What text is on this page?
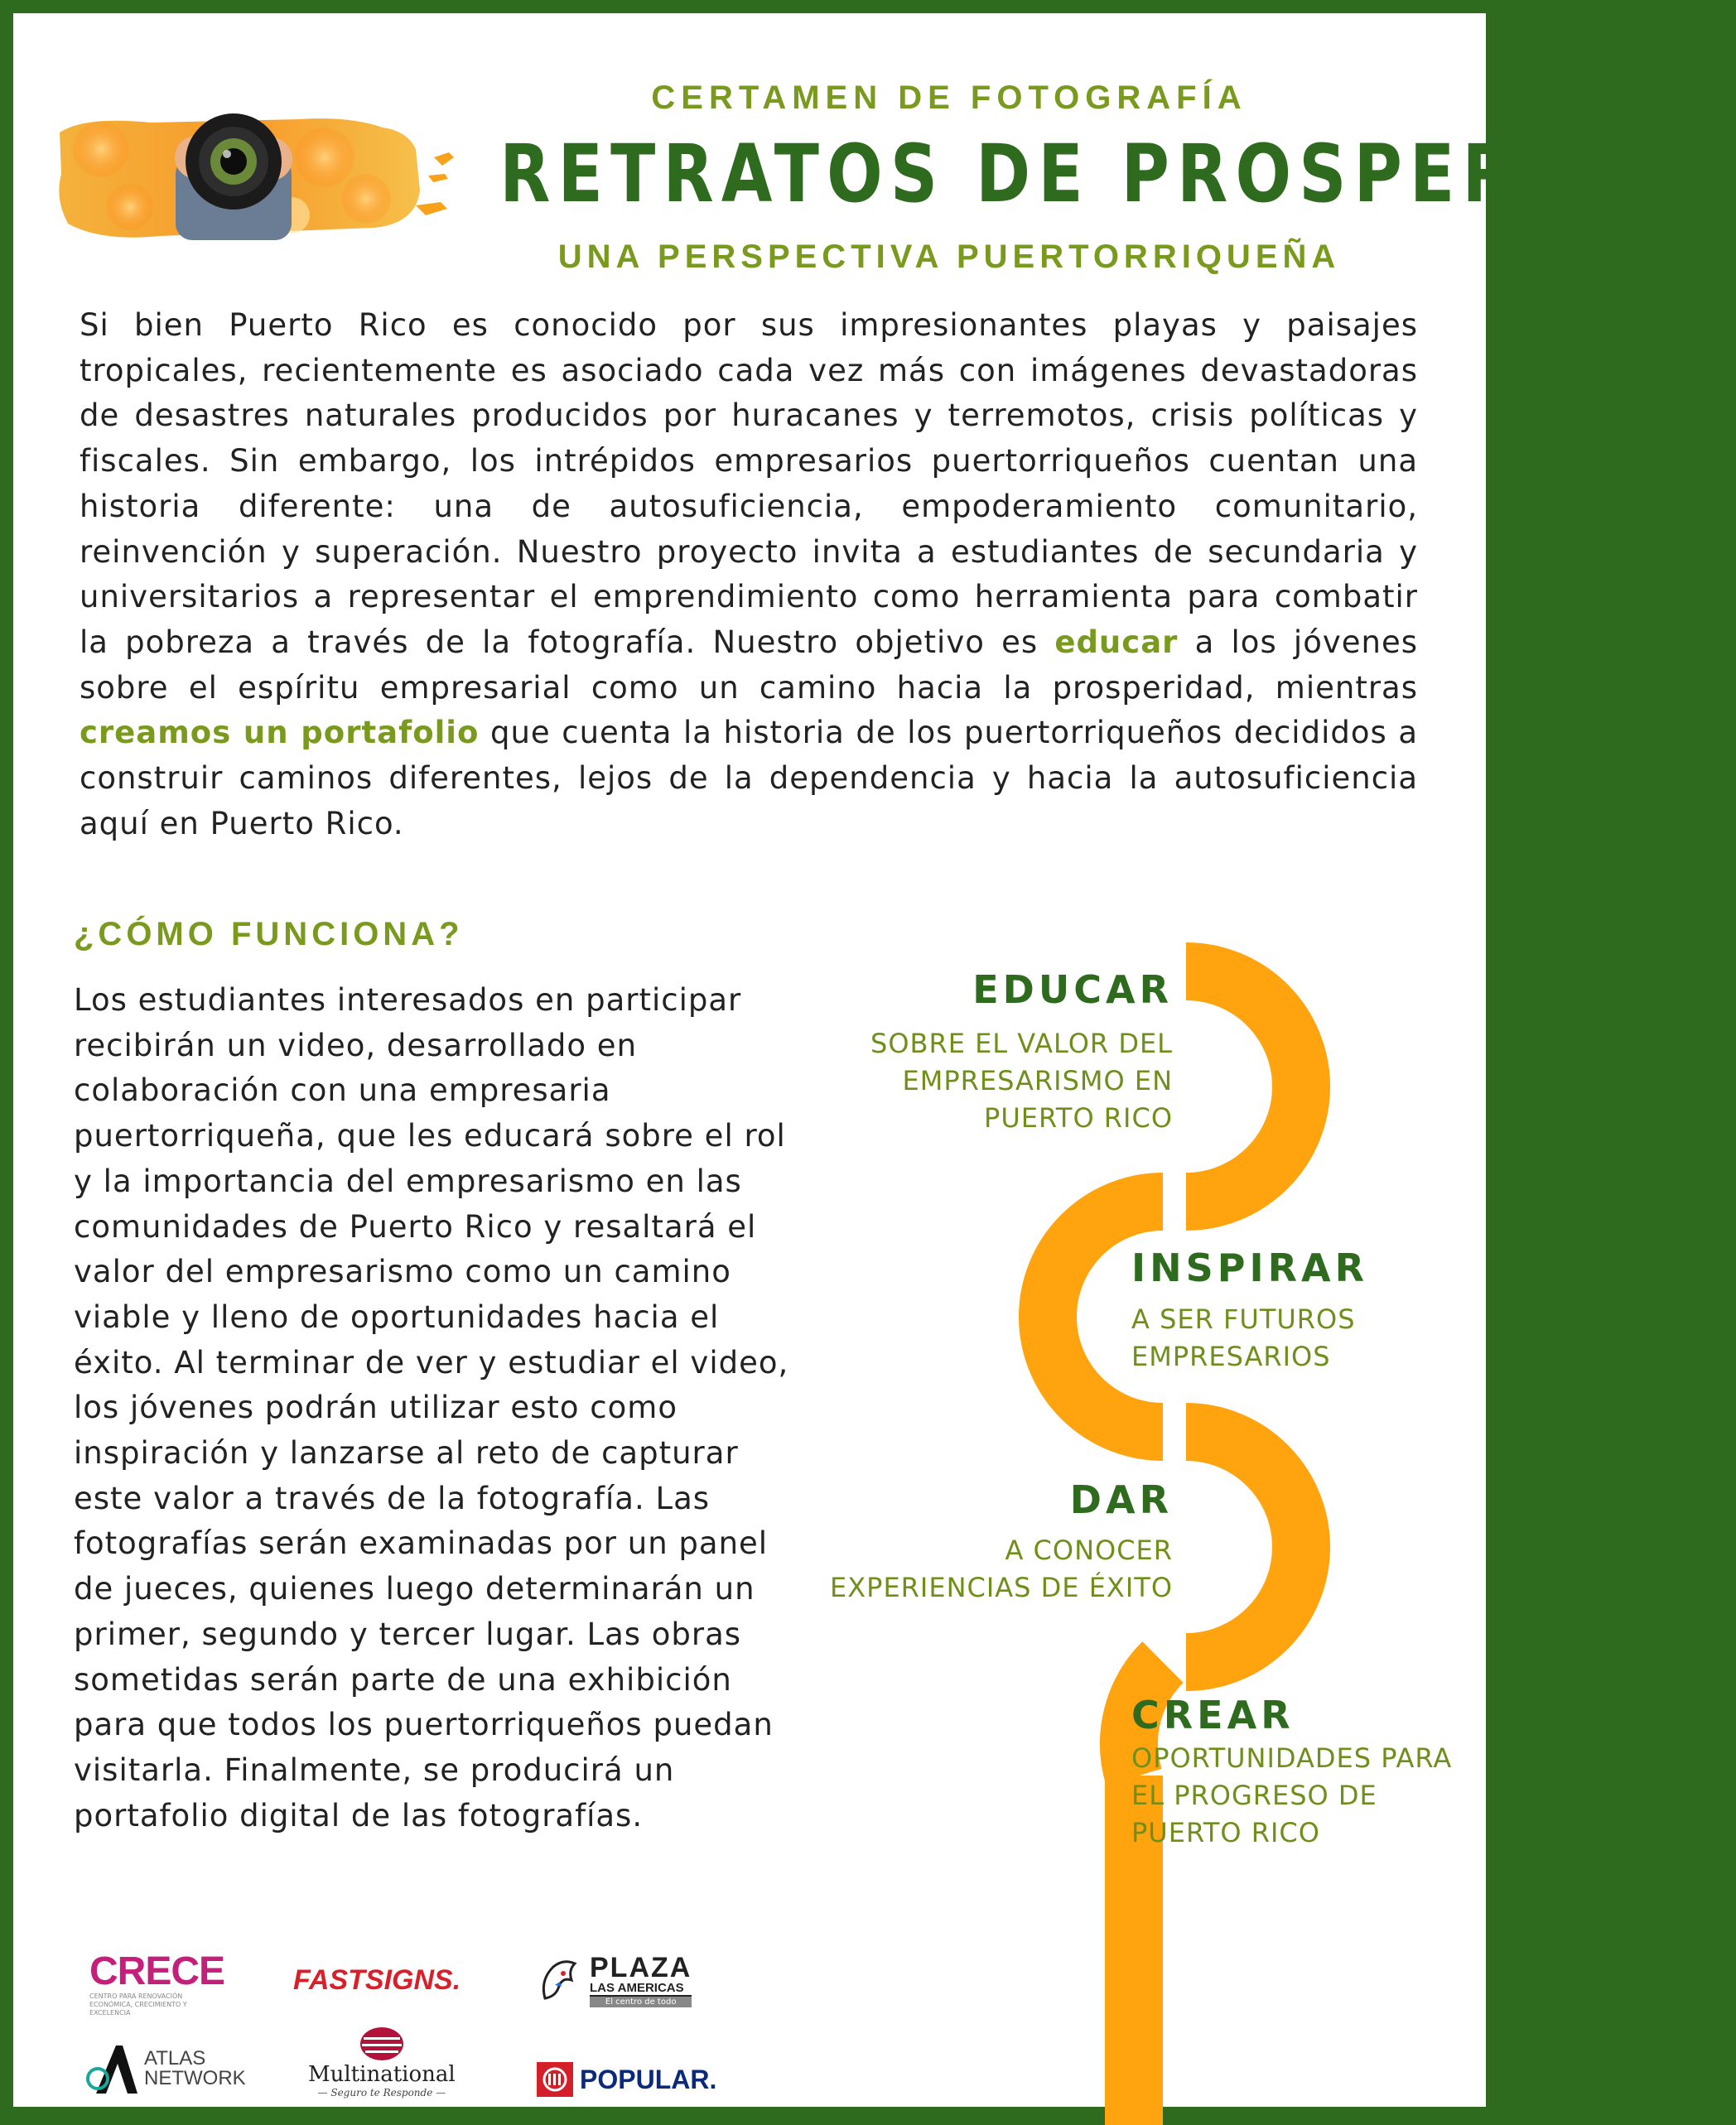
CERTAMEN DE FOTOGRAFÍA
RETRATOS DE PROSPERIDAD
UNA PERSPECTIVA PUERTORRIQUEÑA

Si bien Puerto Rico es conocido por sus impresionantes playas y paisajes tropicales, recientemente es asociado cada vez más con imágenes devastadoras de desastres naturales producidos por huracanes y terremotos, crisis políticas y fiscales. Sin embargo, los intrépidos empresarios puertorriqueños cuentan una historia diferente: una de autosuficiencia, empoderamiento comunitario, reinvención y superación. Nuestro proyecto invita a estudiantes de secundaria y universitarios a representar el emprendimiento como herramienta para combatir la pobreza a través de la fotografía. Nuestro objetivo es educar a los jóvenes sobre el espíritu empresarial como un camino hacia la prosperidad, mientras creamos un portafolio que cuenta la historia de los puertorriqueños decididos a construir caminos diferentes, lejos de la dependencia y hacia la autosuficiencia aquí en Puerto Rico.

¿CÓMO FUNCIONA?

Los estudiantes interesados en participar recibirán un video, desarrollado en colaboración con una empresaria puertorriqueña, que les educará sobre el rol y la importancia del empresarismo en las comunidades de Puerto Rico y resaltará el valor del empresarismo como un camino viable y lleno de oportunidades hacia el éxito. Al terminar de ver y estudiar el video, los jóvenes podrán utilizar esto como inspiración y lanzarse al reto de capturar este valor a través de la fotografía. Las fotografías serán examinadas por un panel de jueces, quienes luego determinarán un primer, segundo y tercer lugar. Las obras sometidas serán parte de una exhibición para que todos los puertorriqueños puedan visitarla. Finalmente, se producirá un portafolio digital de las fotografías.

EDUCAR

SOBRE EL VALOR DEL EMPRESARISMO EN PUERTO RICO

INSPIRAR

A SER FUTUROS EMPRESARIOS

DAR

A CONOCER EXPERIENCIAS DE ÉXITO

CREAR

OPORTUNIDADES PARA EL PROGRESO DE PUERTO RICO

CRECE
CENTRO PARA RENOVACIÓN ECONÓMICA, CRECIMIENTO Y EXCELENCIA
FASTSIGNS.	PLAZA
LAS AMERICAS
El centro de todo
ATLAS
NETWORK	Multinational
— Seguro te Responde —	POPULAR.
